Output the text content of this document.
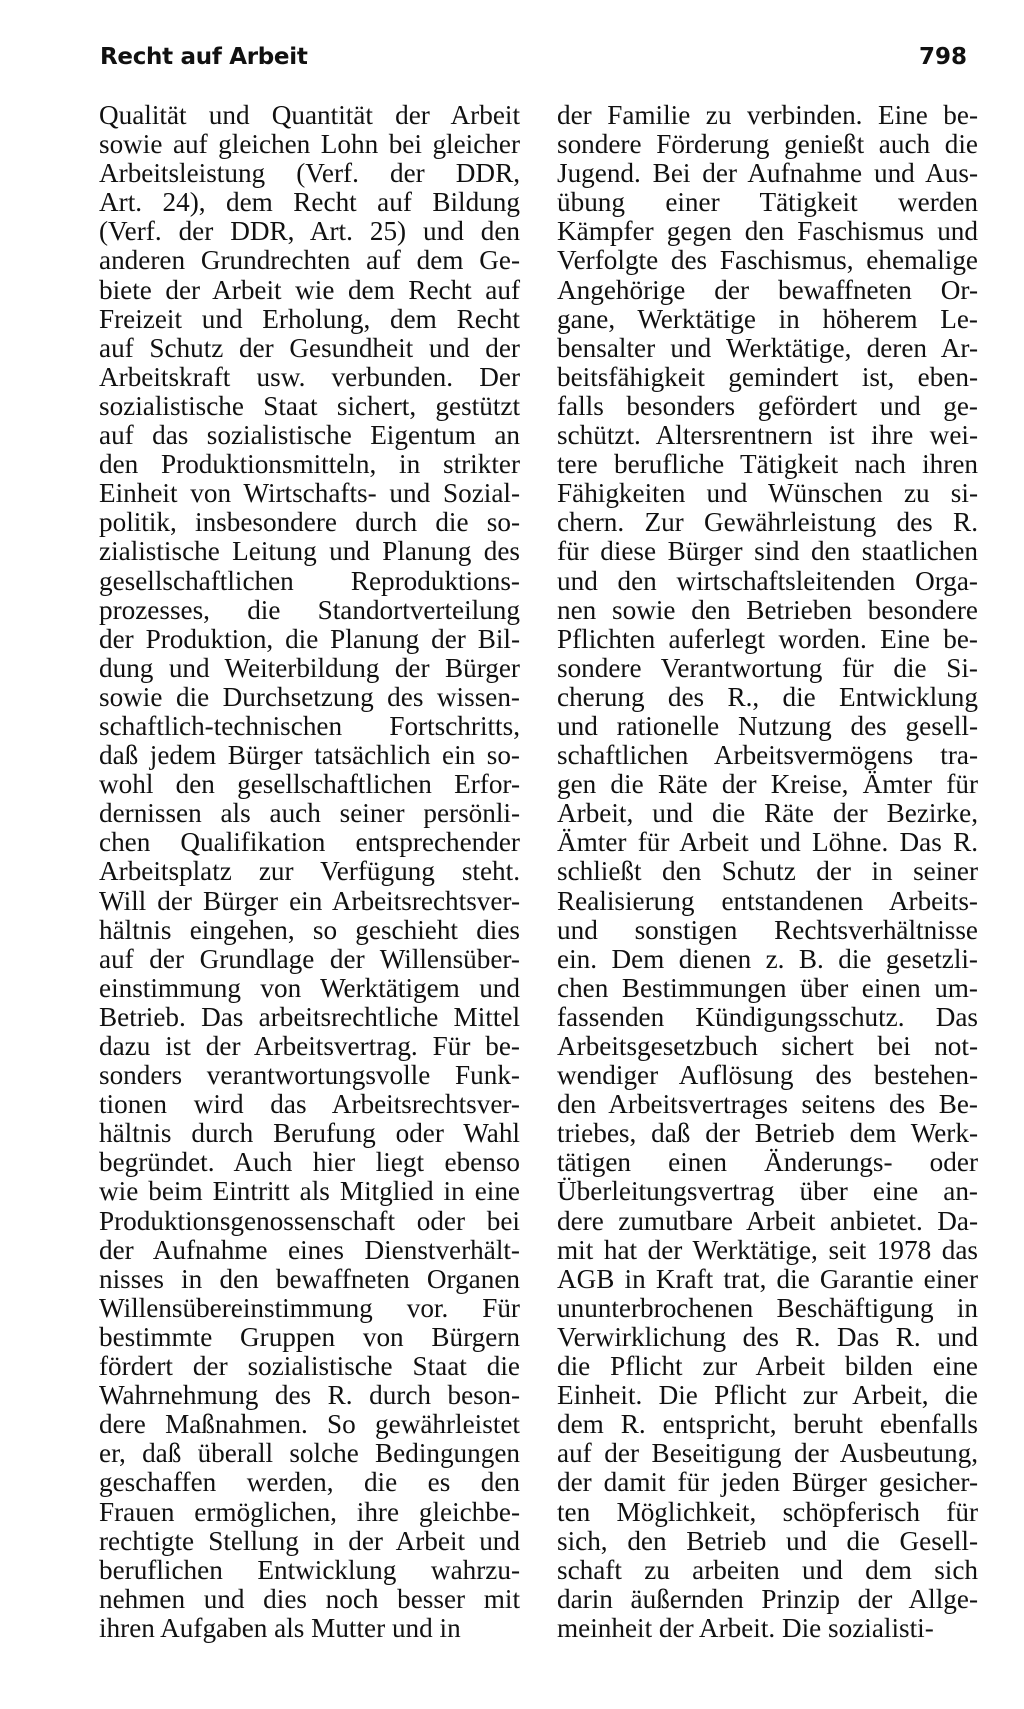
Recht auf Arbeit	798
Qualität und Quantität der Arbeit
sowie auf gleichen Lohn bei gleicher
Arbeitsleistung (Verf. der DDR,
Art. 24), dem Recht auf Bildung
(Verf. der DDR, Art. 25) und den
anderen Grundrechten auf dem Ge-
biete der Arbeit wie dem Recht auf
Freizeit und Erholung, dem Recht
auf Schutz der Gesundheit und der
Arbeitskraft usw. verbunden. Der
sozialistische Staat sichert, gestützt
auf das sozialistische Eigentum an
den Produktionsmitteln, in strikter
Einheit von Wirtschafts- und Sozial-
politik, insbesondere durch die so-
zialistische Leitung und Planung des
gesellschaftlichen Reproduktions-
prozesses, die Standortverteilung
der Produktion, die Planung der Bil-
dung und Weiterbildung der Bürger
sowie die Durchsetzung des wissen-
schaftlich-technischen Fortschritts,
daß jedem Bürger tatsächlich ein so-
wohl den gesellschaftlichen Erfor-
dernissen als auch seiner persönli-
chen Qualifikation entsprechender
Arbeitsplatz zur Verfügung steht.
Will der Bürger ein Arbeitsrechtsver-
hältnis eingehen, so geschieht dies
auf der Grundlage der Willensüber-
einstimmung von Werktätigem und
Betrieb. Das arbeitsrechtliche Mittel
dazu ist der Arbeitsvertrag. Für be-
sonders verantwortungsvolle Funk-
tionen wird das Arbeitsrechtsver-
hältnis durch Berufung oder Wahl
begründet. Auch hier liegt ebenso
wie beim Eintritt als Mitglied in eine
Produktionsgenossenschaft oder bei
der Aufnahme eines Dienstverhält-
nisses in den bewaffneten Organen
Willensübereinstimmung vor. Für
bestimmte Gruppen von Bürgern
fördert der sozialistische Staat die
Wahrnehmung des R. durch beson-
dere Maßnahmen. So gewährleistet
er, daß überall solche Bedingungen
geschaffen werden, die es den
Frauen ermöglichen, ihre gleichbe-
rechtigte Stellung in der Arbeit und
beruflichen Entwicklung wahrzu-
nehmen und dies noch besser mit
ihren Aufgaben als Mutter und in
der Familie zu verbinden. Eine be-
sondere Förderung genießt auch die
Jugend. Bei der Aufnahme und Aus-
übung einer Tätigkeit werden
Kämpfer gegen den Faschismus und
Verfolgte des Faschismus, ehemalige
Angehörige der bewaffneten Or-
gane, Werktätige in höherem Le-
bensalter und Werktätige, deren Ar-
beitsfähigkeit gemindert ist, eben-
falls besonders gefördert und ge-
schützt. Altersrentnern ist ihre wei-
tere berufliche Tätigkeit nach ihren
Fähigkeiten und Wünschen zu si-
chern. Zur Gewährleistung des R.
für diese Bürger sind den staatlichen
und den wirtschaftsleitenden Orga-
nen sowie den Betrieben besondere
Pflichten auferlegt worden. Eine be-
sondere Verantwortung für die Si-
cherung des R., die Entwicklung
und rationelle Nutzung des gesell-
schaftlichen Arbeitsvermögens tra-
gen die Räte der Kreise, Ämter für
Arbeit, und die Räte der Bezirke,
Ämter für Arbeit und Löhne. Das R.
schließt den Schutz der in seiner
Realisierung entstandenen Arbeits-
und sonstigen Rechtsverhältnisse
ein. Dem dienen z. B. die gesetzli-
chen Bestimmungen über einen um-
fassenden Kündigungsschutz. Das
Arbeitsgesetzbuch sichert bei not-
wendiger Auflösung des bestehen-
den Arbeitsvertrages seitens des Be-
triebes, daß der Betrieb dem Werk-
tätigen einen Änderungs- oder
Überleitungsvertrag über eine an-
dere zumutbare Arbeit anbietet. Da-
mit hat der Werktätige, seit 1978 das
AGB in Kraft trat, die Garantie einer
ununterbrochenen Beschäftigung in
Verwirklichung des R. Das R. und
die Pflicht zur Arbeit bilden eine
Einheit. Die Pflicht zur Arbeit, die
dem R. entspricht, beruht ebenfalls
auf der Beseitigung der Ausbeutung,
der damit für jeden Bürger gesicher-
ten Möglichkeit, schöpferisch für
sich, den Betrieb und die Gesell-
schaft zu arbeiten und dem sich
darin äußernden Prinzip der Allge-
meinheit der Arbeit. Die sozialisti-
